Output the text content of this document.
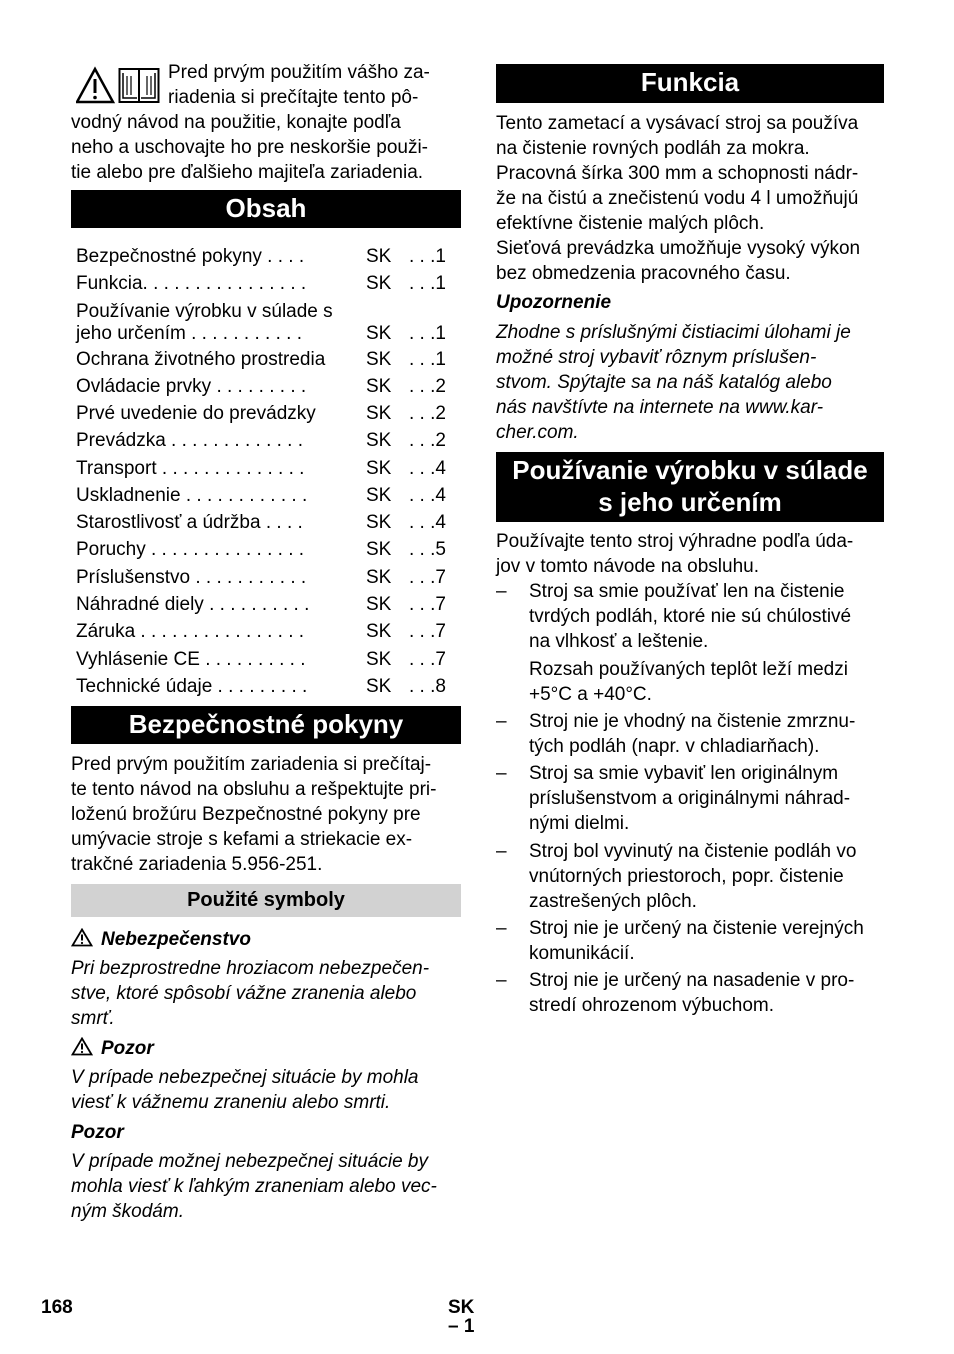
Pred prvým použitím vášho za-
riadenia si prečítajte tento pô-
vodný návod na použitie, konajte podľa
neho a uschovajte ho pre neskoršie použi-
tie alebo pre ďalšieho majiteľa zariadenia.
Obsah
Bezpečnostné pokyny . . . .	SK . . .1
Funkcia. . . . . . . . . . . . . . . .	SK . . .1
Používanie výrobku v súlade s
jeho určením . . . . . . . . . . .	SK . . .1
Ochrana životného prostredia SK . . .1
Ovládacie prvky . . . . . . . . .	SK . . .2
Prvé uvedenie do prevádzky	SK . . .2
Prevádzka . . . . . . . . . . . . .	SK . . .2
Transport . . . . . . . . . . . . . .	SK . . .4
Uskladnenie . . . . . . . . . . . .	SK . . .4
Starostlivosť a údržba . . . .	SK . . .4
Poruchy . . . . . . . . . . . . . . .	SK . . .5
Príslušenstvo . . . . . . . . . . .	SK . . .7
Náhradné diely . . . . . . . . . .	SK . . .7
Záruka . . . . . . . . . . . . . . . .	SK . . .7
Vyhlásenie CE . . . . . . . . . .	SK . . .7
Technické údaje . . . . . . . . .	SK . . .8
Bezpečnostné pokyny
Pred prvým použitím zariadenia si prečítaj-
te tento návod na obsluhu a rešpektujte pri-
loženú brožúru Bezpečnostné pokyny pre
umývacie stroje s kefami a striekacie ex-
trakčné zariadenia 5.956-251.
Použité symboly
Nebezpečenstvo
Pri bezprostredne hroziacom nebezpečen-
stve, ktoré spôsobí vážne zranenia alebo
smrť.
Pozor
V prípade nebezpečnej situácie by mohla
viesť k vážnemu zraneniu alebo smrti.
Pozor
V prípade možnej nebezpečnej situácie by
mohla viesť k ľahkým zraneniam alebo vec-
ným škodám.
168	SK – 1
Funkcia
Tento zametací a vysávací stroj sa používa
na čistenie rovných podláh za mokra.
Pracovná šírka 300 mm a schopnosti nádr-
že na čistú a znečistenú vodu 4 l umožňujú
efektívne čistenie malých plôch.
Sieťová prevádzka umožňuje vysoký výkon
bez obmedzenia pracovného času.
Upozornenie
Zhodne s príslušnými čistiacimi úlohami je
možné stroj vybaviť rôznym príslušen-
stvom. Spýtajte sa na náš katalóg alebo
nás navštívte na internete na www.kar-
cher.com.
Používanie výrobku v súlade
s jeho určením
Používajte tento stroj výhradne podľa úda-
jov v tomto návode na obsluhu.
– Stroj sa smie používať len na čistenie
tvrdých podláh, ktoré nie sú chúlostivé
na vlhkosť a leštenie.
Rozsah používaných teplôt leží medzi
+5°C a +40°C.
– Stroj nie je vhodný na čistenie zmrznu-
tých podláh (napr. v chladiarňach).
– Stroj sa smie vybaviť len originálnym
príslušenstvom a originálnymi náhrad-
nými dielmi.
– Stroj bol vyvinutý na čistenie podláh vo
vnútorných priestoroch, popr. čistenie
zastrešených plôch.
– Stroj nie je určený na čistenie verejných
komunikácií.
– Stroj nie je určený na nasadenie v pro-
stredí ohrozenom výbuchom.
